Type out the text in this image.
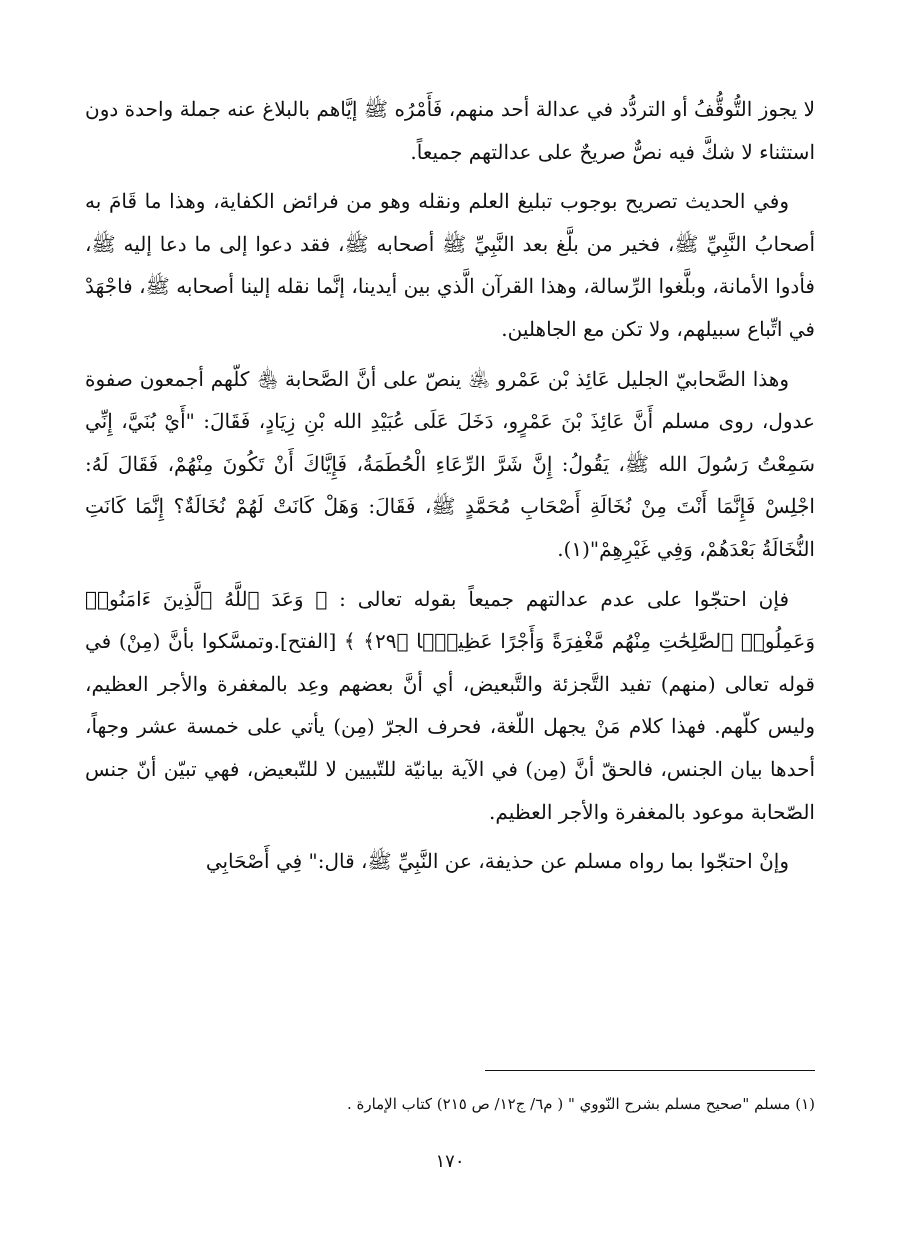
لا يجوز التُّوقُّفُ أو التردُّد في عدالة أحد منهم، فَأَمْرُه ﷺ إيَّاهم بالبلاغ عنه جملة واحدة دون استثناء لا شكَّ فيه نصٌّ صريحٌ على عدالتهم جميعاً.

وفي الحديث تصريح بوجوب تبليغ العلم ونقله وهو من فرائض الكفاية، وهذا ما قَامَ به أصحابُ النَّبِيِّ ﷺ، فخير من بلَّغ بعد النَّبِيِّ ﷺ أصحابه ﷺ، فقد دعوا إلى ما دعا إليه ﷺ، فأدوا الأمانة، وبلَّغوا الرِّسالة، وهذا القرآن الَّذي بين أيدينا، إنَّما نقله إلينا أصحابه ﷺ، فاجْهَدْ في اتِّباع سبيلهم، ولا تكن مع الجاهلين.

وهذا الصَّحابيّ الجليل عَائِذ بْن عَمْرو ﵁ ينصّ على أنَّ الصَّحابة ﵃ كلّهم أجمعون صفوة عدول، روى مسلم أَنَّ عَائِذَ بْنَ عَمْرٍو، دَخَلَ عَلَى عُبَيْدِ الله بْنِ زِيَادٍ، فَقَالَ: "أَيْ بُنَيَّ، إِنِّي سَمِعْتُ رَسُولَ الله ﷺ، يَقُولُ: إِنَّ شَرَّ الرِّعَاءِ الْحُطَمَةُ، فَإِيَّاكَ أَنْ تَكُونَ مِنْهُمْ، فَقَالَ لَهُ: اجْلِسْ فَإِنَّمَا أَنْتَ مِنْ نُخَالَةِ أَصْحَابِ مُحَمَّدٍ ﷺ، فَقَالَ: وَهَلْ كَانَتْ لَهُمْ نُخَالَةٌ؟ إِنَّمَا كَانَتِ النُّخَالَةُ بَعْدَهُمْ، وَفِي غَيْرِهِمْ"(١).

فإن احتجّوا على عدم عدالتهم جميعاً بقوله تعالى : ﴿ وَعَدَ ٱللَّهُ ٱلَّذِينَ ءَامَنُوا۟ وَعَمِلُوا۟ ٱلصَّٰلِحَٰتِ مِنْهُم مَّغْفِرَةً وَأَجْرًا عَظِيمًۢا ﴿٢٩﴾ ﴾ [الفتح].وتمسَّكوا بأنَّ (مِنْ) في قوله تعالى (منهم) تفيد التَّجزئة والتَّبعيض، أي أنَّ بعضهم وعِد بالمغفرة والأجر العظيم، وليس كلّهم. فهذا كلام مَنْ يجهل اللّغة، فحرف الجرّ (مِن) يأتي على خمسة عشر وجهاً، أحدها بيان الجنس، فالحقّ أنَّ (مِن) في الآية بيانيّة للتّبيين لا للتّبعيض، فهي تبيّن أنّ جنس الصّحابة موعود بالمغفرة والأجر العظيم.

وإنْ احتجّوا بما رواه مسلم عن حذيفة، عن النَّبِيِّ ﷺ، قال:" فِي أَصْحَابِي

(١) مسلم "صحيح مسلم بشرح النّووي " ( م٦/ ج١٢/ ص ٢١٥) كتاب الإمارة .
١٧٠
